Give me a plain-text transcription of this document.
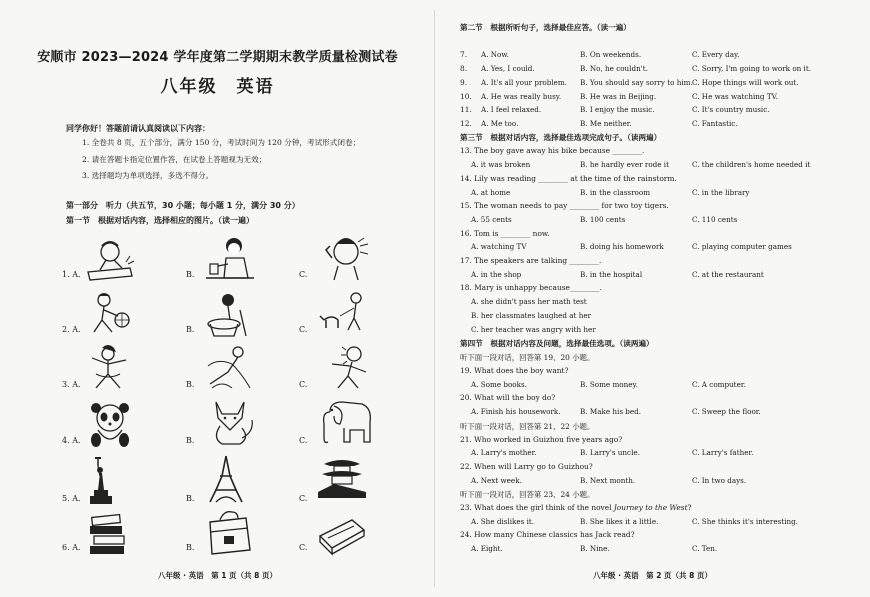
安顺市 2023—2024 学年度第二学期期末教学质量检测试卷
八年级　英语
同学你好！答题前请认真阅读以下内容：
1. 全卷共 8 页，五个部分，满分 150 分，考试时间为 120 分钟，考试形式闭卷；
2. 请在答题卡指定位置作答，在试卷上答题视为无效；
3. 选择题均为单项选择，多选不得分。
第一部分　听力（共五节，30 小题；每小题 1 分，满分 30 分）
第一节　根据对话内容，选择相应的图片。（读一遍）
1. A.	B.	C.
2. A.	B.	C.
3. A.	B.	C.
4. A.	B.	C.
5. A.	B.	C.
6. A.	B.	C.
八年级 · 英语　第 1 页（共 8 页）
第二节　根据所听句子，选择最佳应答。（读一遍）
7. A. Now.	B. On weekends.	C. Every day.
8. A. Yes, I could.	B. No, he couldn't.	C. Sorry, I'm going to work on it.
9. A. It's all your problem. B. You should say sorry to him. C. Hope things will work out.
10. A. He was really busy.	B. He was in Beijing.	C. He was watching TV.
11. A. I feel relaxed.	B. I enjoy the music.	C. It's country music.
12. A. Me too.	B. Me neither.	C. Fantastic.
第三节　根据对话内容，选择最佳选项完成句子。（读两遍）
13. The boy gave away his bike because ________.
A. it was broken	B. he hardly ever rode it	C. the children's home needed it
14. Lily was reading ________ at the time of the rainstorm.
A. at home	B. in the classroom	C. in the library
15. The woman needs to pay ________ for two toy tigers.
A. 55 cents	B. 100 cents	C. 110 cents
16. Tom is ________ now.
A. watching TV	B. doing his homework	C. playing computer games
17. The speakers are talking ________.
A. in the shop	B. in the hospital	C. at the restaurant
18. Mary is unhappy because________.
A. she didn't pass her math test
B. her classmates laughed at her
C. her teacher was angry with her
第四节　根据对话内容及问题，选择最佳选项。（读两遍）
听下面一段对话，回答第 19、20 小题。
19. What does the boy want?
A. Some books.	B. Some money.	C. A computer.
20. What will the boy do?
A. Finish his housework.	B. Make his bed.	C. Sweep the floor.
听下面一段对话，回答第 21、22 小题。
21. Who worked in Guizhou five years ago?
A. Larry's mother.	B. Larry's uncle.	C. Larry's father.
22. When will Larry go to Guizhou?
A. Next week.	B. Next month.	C. In two days.
听下面一段对话，回答第 23、24 小题。
23. What does the girl think of the novel Journey to the West?
A. She dislikes it.	B. She likes it a little.	C. She thinks it's interesting.
24. How many Chinese classics has Jack read?
A. Eight.	B. Nine.	C. Ten.
八年级 · 英语　第 2 页（共 8 页）
